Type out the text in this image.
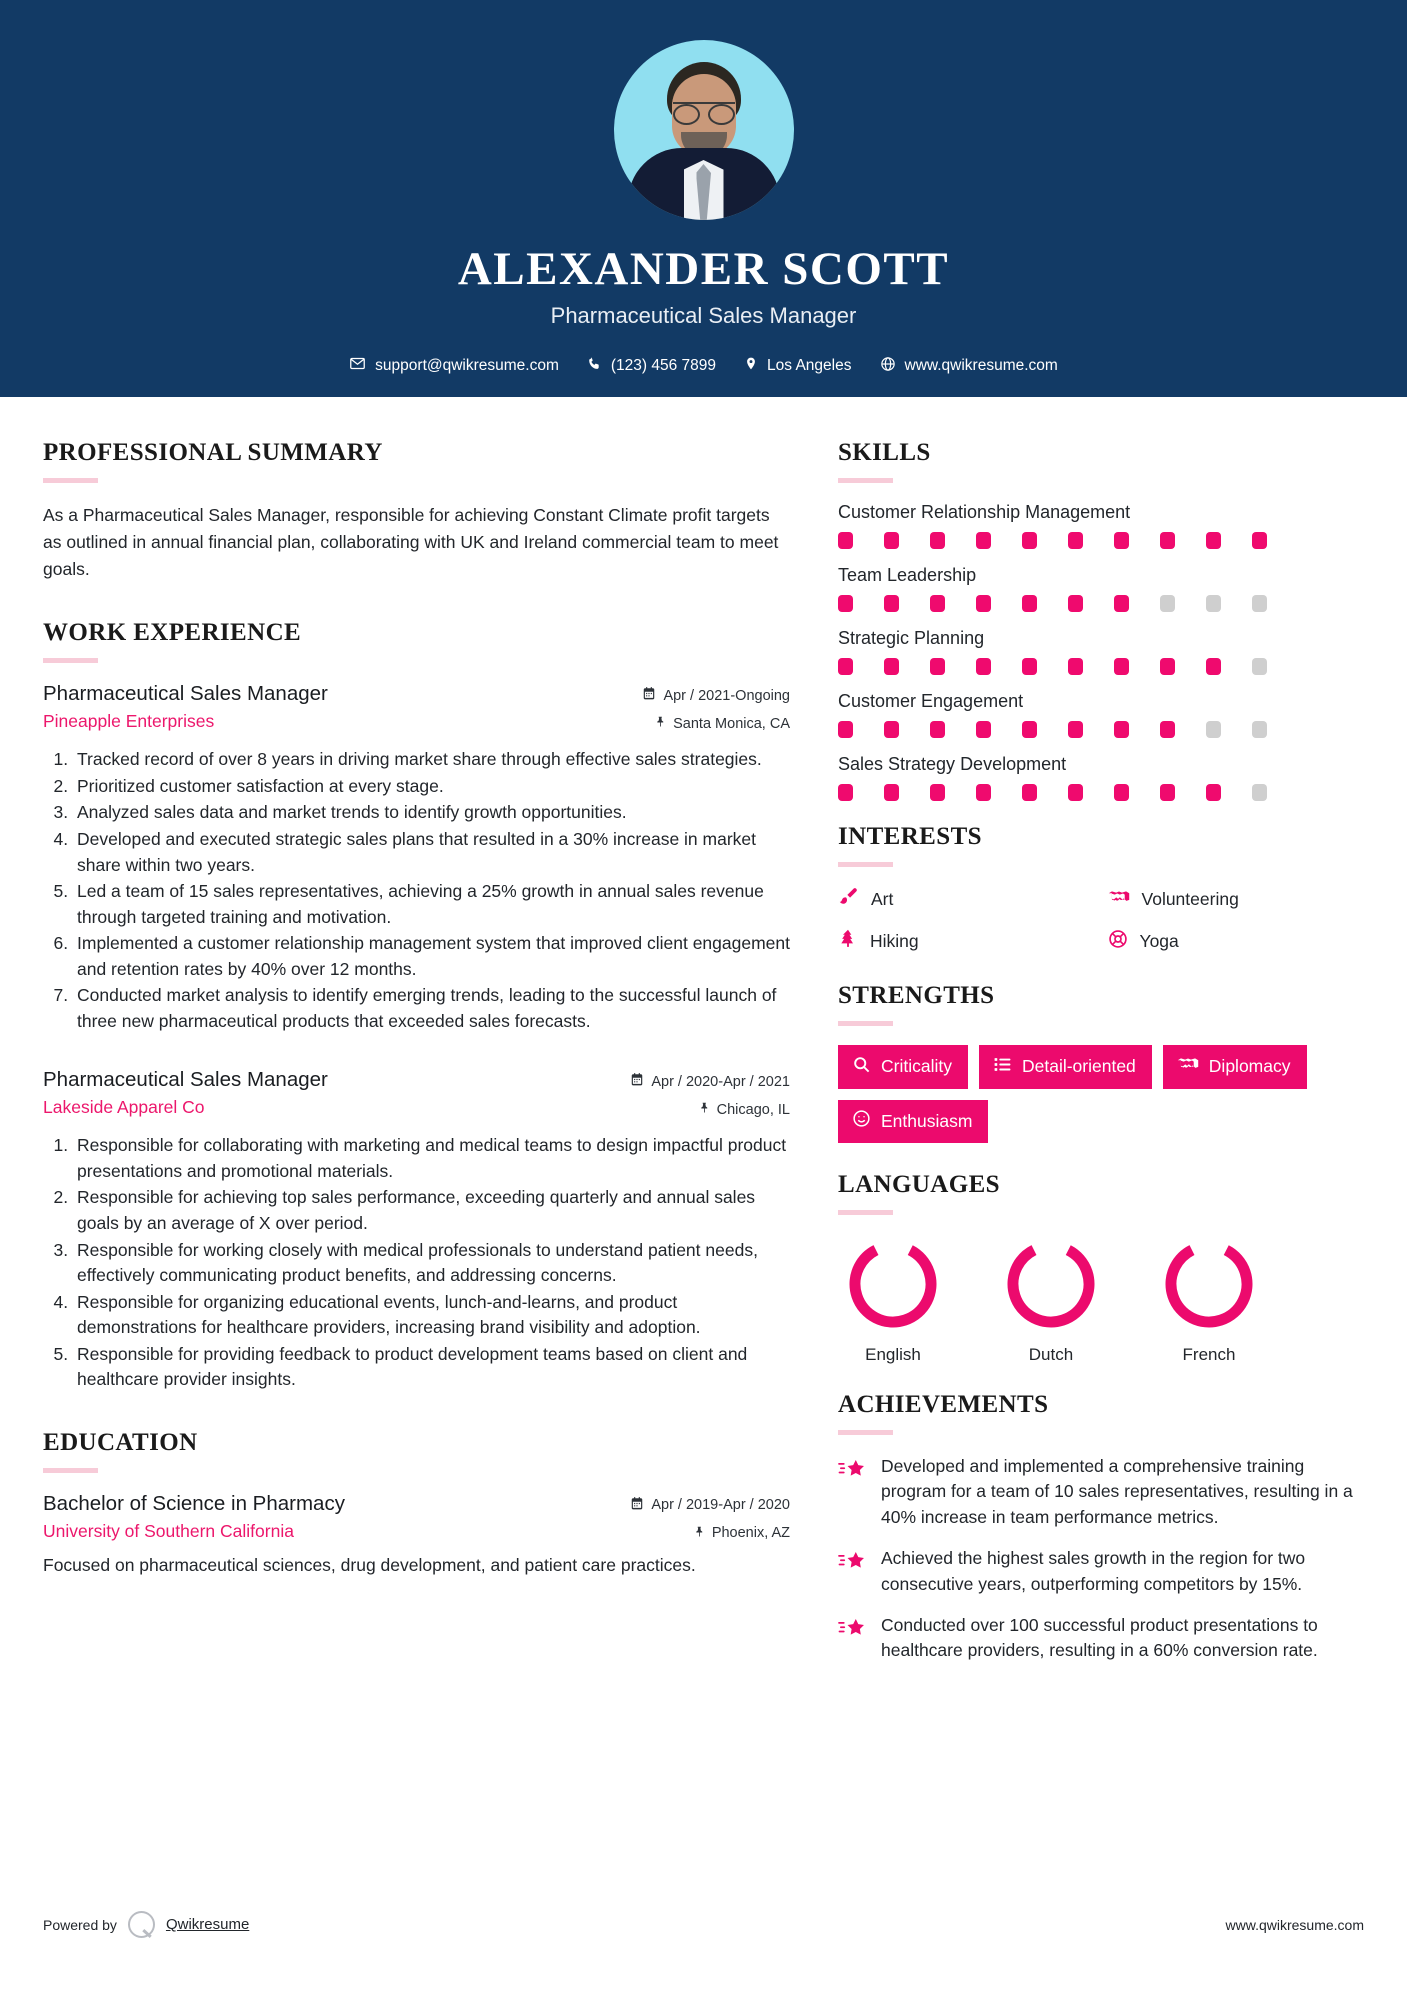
ALEXANDER SCOTT
Pharmaceutical Sales Manager
support@qwikresume.com	(123) 456 7899	Los Angeles	www.qwikresume.com
PROFESSIONAL SUMMARY
As a Pharmaceutical Sales Manager, responsible for achieving Constant Climate profit targets as outlined in annual financial plan, collaborating with UK and Ireland commercial team to meet goals.
WORK EXPERIENCE
Pharmaceutical Sales Manager
Pineapple Enterprises
Apr / 2021-Ongoing
Santa Monica, CA
1. Tracked record of over 8 years in driving market share through effective sales strategies.
2. Prioritized customer satisfaction at every stage.
3. Analyzed sales data and market trends to identify growth opportunities.
4. Developed and executed strategic sales plans that resulted in a 30% increase in market share within two years.
5. Led a team of 15 sales representatives, achieving a 25% growth in annual sales revenue through targeted training and motivation.
6. Implemented a customer relationship management system that improved client engagement and retention rates by 40% over 12 months.
7. Conducted market analysis to identify emerging trends, leading to the successful launch of three new pharmaceutical products that exceeded sales forecasts.
Pharmaceutical Sales Manager
Lakeside Apparel Co
Apr / 2020-Apr / 2021
Chicago, IL
1. Responsible for collaborating with marketing and medical teams to design impactful product presentations and promotional materials.
2. Responsible for achieving top sales performance, exceeding quarterly and annual sales goals by an average of X over period.
3. Responsible for working closely with medical professionals to understand patient needs, effectively communicating product benefits, and addressing concerns.
4. Responsible for organizing educational events, lunch-and-learns, and product demonstrations for healthcare providers, increasing brand visibility and adoption.
5. Responsible for providing feedback to product development teams based on client and healthcare provider insights.
EDUCATION
Bachelor of Science in Pharmacy
University of Southern California
Apr / 2019-Apr / 2020
Phoenix, AZ
Focused on pharmaceutical sciences, drug development, and patient care practices.
SKILLS
Customer Relationship Management
Team Leadership
Strategic Planning
Customer Engagement
Sales Strategy Development
INTERESTS
Art	Volunteering
Hiking	Yoga
STRENGTHS
Criticality	Detail-oriented	Diplomacy
Enthusiasm
LANGUAGES
English	Dutch	French
ACHIEVEMENTS
Developed and implemented a comprehensive training program for a team of 10 sales representatives, resulting in a 40% increase in team performance metrics.
Achieved the highest sales growth in the region for two consecutive years, outperforming competitors by 15%.
Conducted over 100 successful product presentations to healthcare providers, resulting in a 60% conversion rate.
Powered by	Qwikresume	www.qwikresume.com
